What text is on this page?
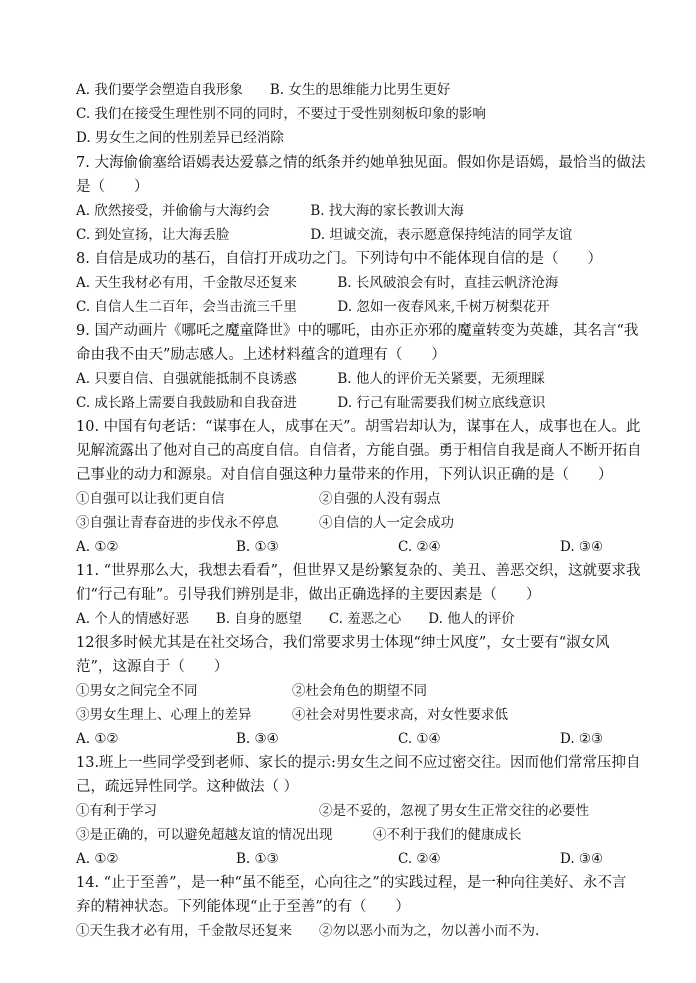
A. 我们要学会塑造自我形象　　B. 女生的思维能力比男生更好
C. 我们在接受生理性别不同的同时，不要过于受性别刻板印象的影响
D. 男女生之间的性别差异已经消除
7. 大海偷偷塞给语嫣表达爱慕之情的纸条并约她单独见面。假如你是语嫣，最恰当的做法
是（　　）
A. 欣然接受，并偷偷与大海约会　　　B. 找大海的家长教训大海
C. 到处宣扬，让大海丢脸　　　　　　D. 坦诚交流，表示愿意保持纯洁的同学友谊
8. 自信是成功的基石，自信打开成功之门。下列诗句中不能体现自信的是（　　）
A. 天生我材必有用，千金散尽还复来　　　B. 长风破浪会有时，直挂云帆济沧海
C. 自信人生二百年，会当击流三千里　　　D. 忽如一夜春风来,千树万树梨花开
9. 国产动画片《哪吒之魔童降世》中的哪吒，由亦正亦邪的魔童转变为英雄，其名言“我
命由我不由天”励志感人。上述材料蕴含的道理有（　　）
A. 只要自信、自强就能抵制不良诱惑　　　B. 他人的评价无关紧要，无须理睬
C. 成长路上需要自我鼓励和自我奋进　　　D. 行己有耻需要我们树立底线意识
10. 中国有句老话：“谋事在人，成事在天”。胡雪岩却认为，谋事在人，成事也在人。此
见解流露出了他对自己的高度自信。自信者，方能自强。勇于相信自我是商人不断开拓自
己事业的动力和源泉。对自信自强这种力量带来的作用，下列认识正确的是（　　）
①自强可以让我们更自信　　　　　　　②自强的人没有弱点
③自强让青春奋进的步伐永不停息　　　④自信的人一定会成功
A. ①②	B. ①③	C. ②④	D. ③④
11. “世界那么大，我想去看看”，但世界又是纷繁复杂的、美丑、善恶交织，这就要求我
们“行己有耻”。引导我们辨别是非，做出正确选择的主要因素是（　　）
A. 个人的情感好恶　　B. 自身的愿望　　C. 羞恶之心　　D. 他人的评价
12很多时候尤其是在社交场合，我们常要求男士体现“绅士风度”，女士要有“淑女风
范”，这源自于（　　）
①男女之间完全不同　　　　　　　②杜会角色的期望不同
③男女生理上、心理上的差异　　　④社会对男性要求高，对女性要求低
A. ①②	B. ③④	C. ①④	D. ②③
13.班上一些同学受到老师、家长的提示:男女生之间不应过密交往。因而他们常常压抑自
己，疏远异性同学。这种做法（ ）
①有利于学习　　　　　　　　　　　　②是不妥的，忽视了男女生正常交往的必要性
③是正确的，可以避免超越友谊的情况出现　　　④不利于我们的健康成长
A. ①②	B. ①③	C. ②④	D. ③④
14. “止于至善”，是一种“虽不能至，心向往之”的实践过程，是一种向往美好、永不言
弃的精神状态。下列能体现“止于至善”的有（　　）
①天生我才必有用，千金散尽还复来　　②勿以恶小而为之，勿以善小而不为.
